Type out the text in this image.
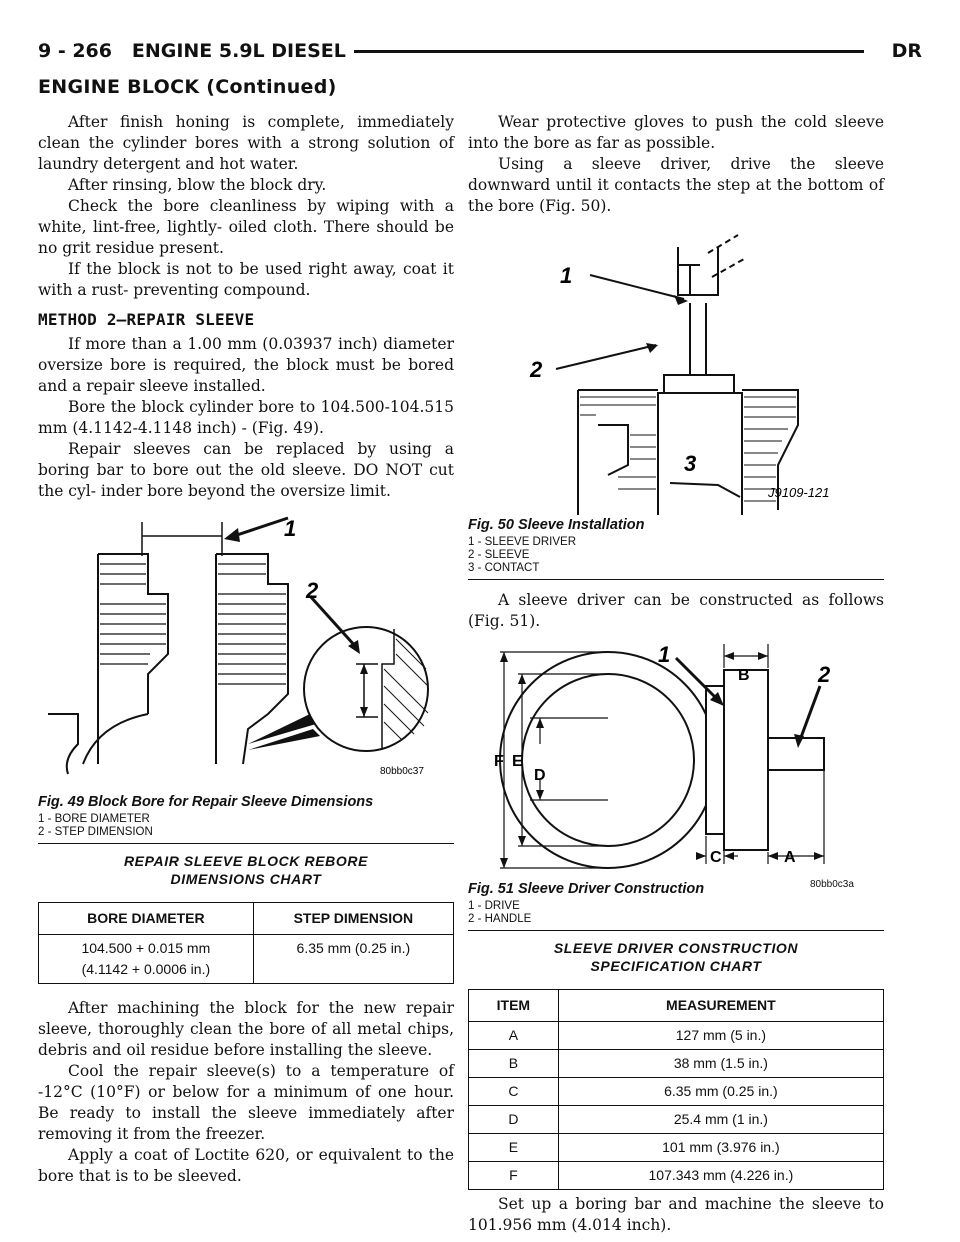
9 - 266 ENGINE 5.9L DIESEL	DR
ENGINE BLOCK (Continued)

After finish honing is complete, immediately clean the cylinder bores with a strong solution of laundry detergent and hot water.

After rinsing, blow the block dry.

Check the bore cleanliness by wiping with a white, lint-free, lightly- oiled cloth. There should be no grit residue present.

If the block is not to be used right away, coat it with a rust- preventing compound.

METHOD 2—REPAIR SLEEVE

If more than a 1.00 mm (0.03937 inch) diameter oversize bore is required, the block must be bored and a repair sleeve installed.

Bore the block cylinder bore to 104.500-104.515 mm (4.1142-4.1148 inch) - (Fig. 49).

Repair sleeves can be replaced by using a boring bar to bore out the old sleeve. DO NOT cut the cyl- inder bore beyond the oversize limit.

1
2
80bb0c37
Fig. 49 Block Bore for Repair Sleeve Dimensions
1 - BORE DIAMETER
2 - STEP DIMENSION
REPAIR SLEEVE BLOCK REBORE
DIMENSIONS CHART
BORE DIAMETER	STEP DIMENSION

104.500 + 0.015 mm
(4.1142 + 0.0006 in.)	6.35 mm (0.25 in.)

After machining the block for the new repair sleeve, thoroughly clean the bore of all metal chips, debris and oil residue before installing the sleeve.

Cool the repair sleeve(s) to a temperature of -12°C (10°F) or below for a minimum of one hour. Be ready to install the sleeve immediately after removing it from the freezer.

Apply a coat of Loctite 620, or equivalent to the bore that is to be sleeved.

Wear protective gloves to push the cold sleeve into the bore as far as possible.

Using a sleeve driver, drive the sleeve downward until it contacts the step at the bottom of the bore (Fig. 50).

1
2
3
J9109-121
Fig. 50 Sleeve Installation
1 - SLEEVE DRIVER
2 - SLEEVE
3 - CONTACT

A sleeve driver can be constructed as follows (Fig. 51).

1
2
B
F E
D
C	A
Fig. 51 Sleeve Driver Construction	80bb0c3a
1 - DRIVE
2 - HANDLE
SLEEVE DRIVER CONSTRUCTION
SPECIFICATION CHART
ITEM	MEASUREMENT
A	127 mm (5 in.)
B	38 mm (1.5 in.)
C	6.35 mm (0.25 in.)
D	25.4 mm (1 in.)
E	101 mm (3.976 in.)
F	107.343 mm (4.226 in.)

Set up a boring bar and machine the sleeve to 101.956 mm (4.014 inch).
